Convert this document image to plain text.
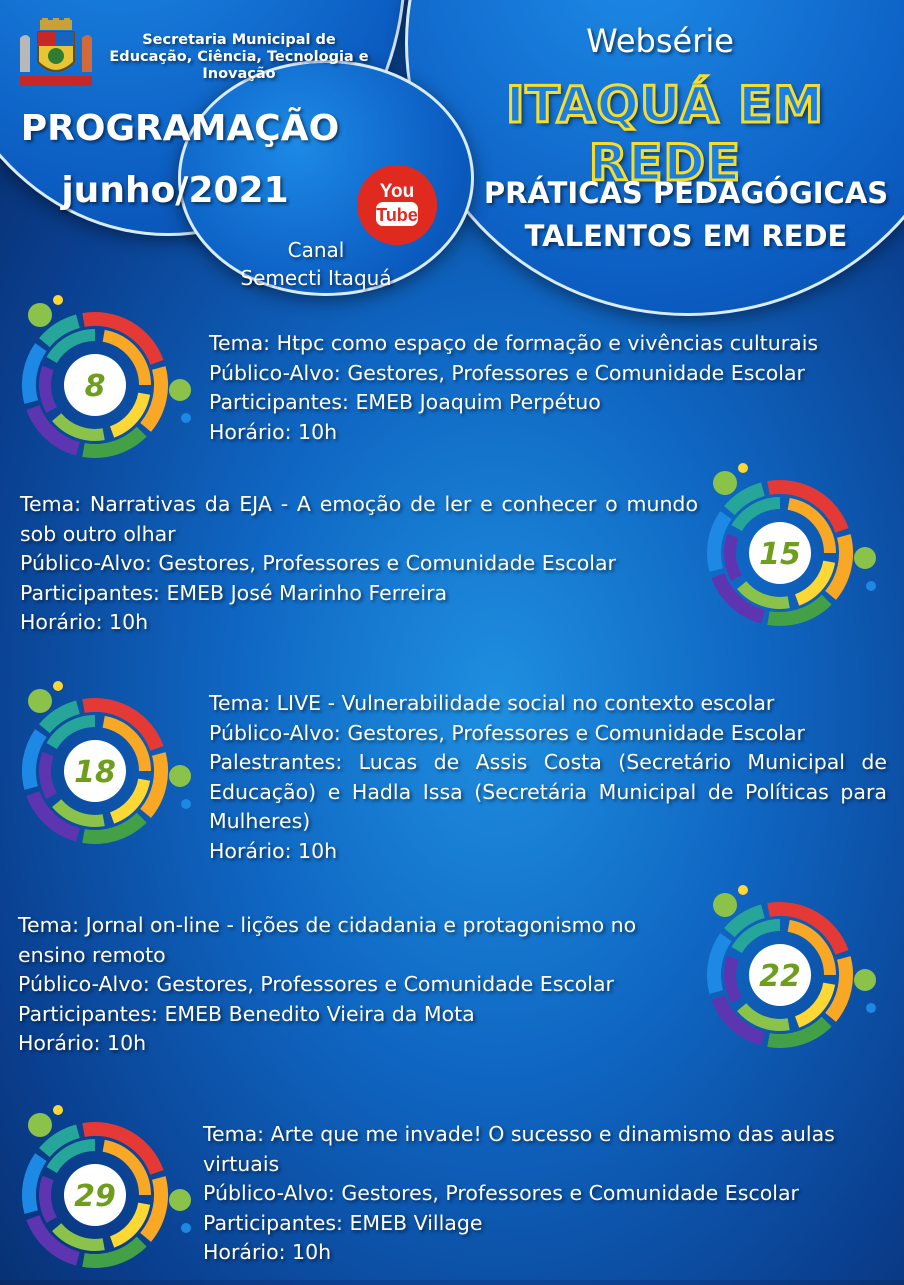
Secretaria Municipal de Educação, Ciência, Tecnologia e Inovação
PROGRAMAÇÃO
junho/2021	You
Tube
Canal
Semecti Itaquá
Websérie
ITAQUÁ EM REDE
PRÁTICAS PEDAGÓGICAS
TALENTOS EM REDE
8
15
18
22
29
Tema: Htpc como espaço de formação e vivências culturais
Público-Alvo: Gestores, Professores e Comunidade Escolar
Participantes: EMEB Joaquim Perpétuo
Horário: 10h
Tema: Narrativas da EJA - A emoção de ler e conhecer o mundo sob outro olhar
Público-Alvo: Gestores, Professores e Comunidade Escolar
Participantes: EMEB José Marinho Ferreira
Horário: 10h
Tema: LIVE - Vulnerabilidade social no contexto escolar
Público-Alvo: Gestores, Professores e Comunidade Escolar
Palestrantes: Lucas de Assis Costa (Secretário Municipal de Educação) e Hadla Issa (Secretária Municipal de Políticas para Mulheres)
Horário: 10h
Tema: Jornal on-line - lições de cidadania e protagonismo no ensino remoto
Público-Alvo: Gestores, Professores e Comunidade Escolar
Participantes: EMEB Benedito Vieira da Mota
Horário: 10h
Tema: Arte que me invade! O sucesso e dinamismo das aulas virtuais
Público-Alvo: Gestores, Professores e Comunidade Escolar
Participantes: EMEB Village
Horário: 10h
